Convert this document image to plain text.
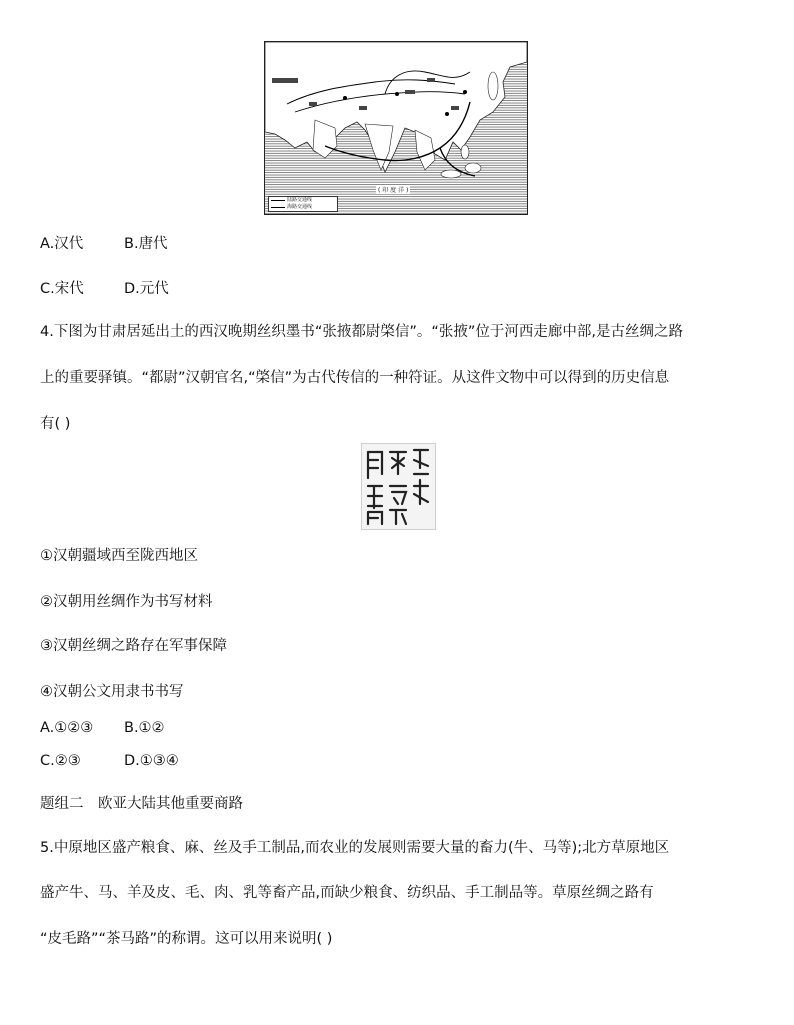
( 印 度 洋 )
陆路交通线
海路交通线
A.汉代	B.唐代
C.宋代	D.元代
4.下图为甘肃居延出土的西汉晚期丝织墨书“张掖都尉棨信”。“张掖”位于河西走廊中部,是古丝绸之路
上的重要驿镇。“都尉”汉朝官名,“棨信”为古代传信的一种符证。从这件文物中可以得到的历史信息
有( )
①汉朝疆域西至陇西地区
②汉朝用丝绸作为书写材料
③汉朝丝绸之路存在军事保障
④汉朝公文用隶书书写
A.①②③ B.①②
C.②③	D.①③④
题组二　欧亚大陆其他重要商路
5.中原地区盛产粮食、麻、丝及手工制品,而农业的发展则需要大量的畜力(牛、马等);北方草原地区
盛产牛、马、羊及皮、毛、肉、乳等畜产品,而缺少粮食、纺织品、手工制品等。草原丝绸之路有
“皮毛路”“茶马路”的称谓。这可以用来说明( )
